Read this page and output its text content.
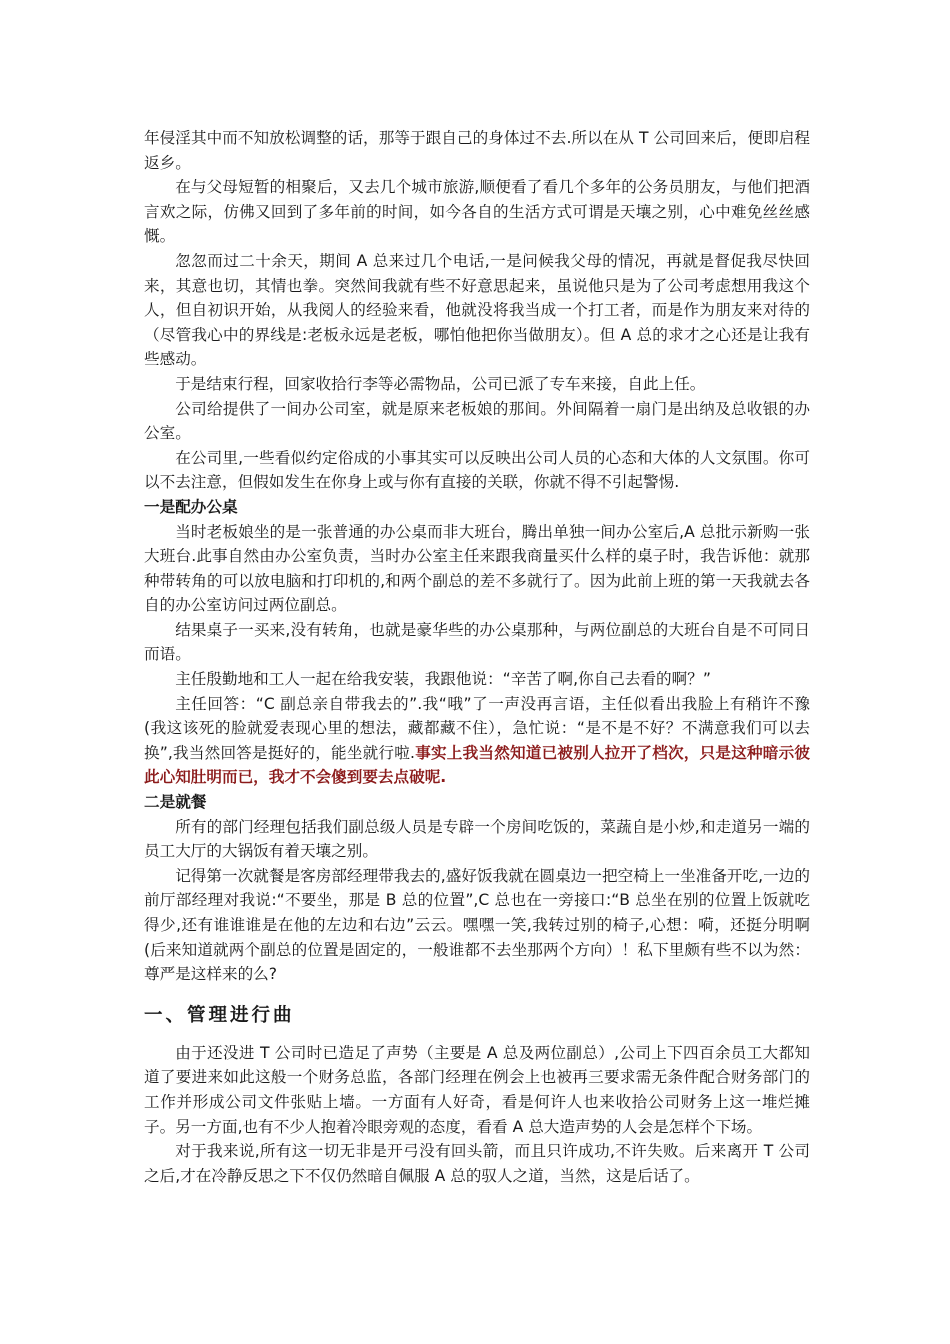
年侵淫其中而不知放松调整的话，那等于跟自己的身体过不去.所以在从 T 公司回来后，便即启程返乡。

在与父母短暂的相聚后，又去几个城市旅游,顺便看了看几个多年的公务员朋友，与他们把酒言欢之际，仿佛又回到了多年前的时间，如今各自的生活方式可谓是天壤之别，心中难免丝丝感慨。

忽忽而过二十余天，期间 A 总来过几个电话,一是问候我父母的情况，再就是督促我尽快回来，其意也切，其情也拳。突然间我就有些不好意思起来，虽说他只是为了公司考虑想用我这个人，但自初识开始，从我阅人的经验来看，他就没将我当成一个打工者，而是作为朋友来对待的（尽管我心中的界线是:老板永远是老板，哪怕他把你当做朋友）。但 A 总的求才之心还是让我有些感动。

于是结束行程，回家收拾行李等必需物品，公司已派了专车来接，自此上任。

公司给提供了一间办公司室，就是原来老板娘的那间。外间隔着一扇门是出纳及总收银的办公室。

在公司里,一些看似约定俗成的小事其实可以反映出公司人员的心态和大体的人文氛围。你可以不去注意，但假如发生在你身上或与你有直接的关联，你就不得不引起警惕.

一是配办公桌

当时老板娘坐的是一张普通的办公桌而非大班台，腾出单独一间办公室后,A 总批示新购一张大班台.此事自然由办公室负责，当时办公室主任来跟我商量买什么样的桌子时，我告诉他：就那种带转角的可以放电脑和打印机的,和两个副总的差不多就行了。因为此前上班的第一天我就去各自的办公室访问过两位副总。

结果桌子一买来,没有转角，也就是豪华些的办公桌那种，与两位副总的大班台自是不可同日而语。

主任殷勤地和工人一起在给我安装，我跟他说：“辛苦了啊,你自己去看的啊？”

主任回答：“C 副总亲自带我去的”.我“哦”了一声没再言语，主任似看出我脸上有稍许不豫(我这该死的脸就爱表现心里的想法，藏都藏不住），急忙说：“是不是不好？不满意我们可以去换”,我当然回答是挺好的，能坐就行啦.事实上我当然知道已被别人拉开了档次，只是这种暗示彼此心知肚明而已，我才不会傻到要去点破呢.

二是就餐

所有的部门经理包括我们副总级人员是专辟一个房间吃饭的，菜蔬自是小炒,和走道另一端的员工大厅的大锅饭有着天壤之别。

记得第一次就餐是客房部经理带我去的,盛好饭我就在圆桌边一把空椅上一坐准备开吃,一边的前厅部经理对我说:“不要坐，那是 B 总的位置”,C 总也在一旁接口:“B 总坐在别的位置上饭就吃得少,还有谁谁谁是在他的左边和右边”云云。嘿嘿一笑,我转过别的椅子,心想：嗬，还挺分明啊(后来知道就两个副总的位置是固定的，一般谁都不去坐那两个方向）！私下里颇有些不以为然：尊严是这样来的么?

一、管理进行曲

由于还没进 T 公司时已造足了声势（主要是 A 总及两位副总）,公司上下四百余员工大都知道了要进来如此这般一个财务总监，各部门经理在例会上也被再三要求需无条件配合财务部门的工作并形成公司文件张贴上墙。一方面有人好奇，看是何许人也来收拾公司财务上这一堆烂摊子。另一方面,也有不少人抱着冷眼旁观的态度，看看 A 总大造声势的人会是怎样个下场。

对于我来说,所有这一切无非是开弓没有回头箭，而且只许成功,不许失败。后来离开 T 公司之后,才在冷静反思之下不仅仍然暗自佩服 A 总的驭人之道，当然，这是后话了。
